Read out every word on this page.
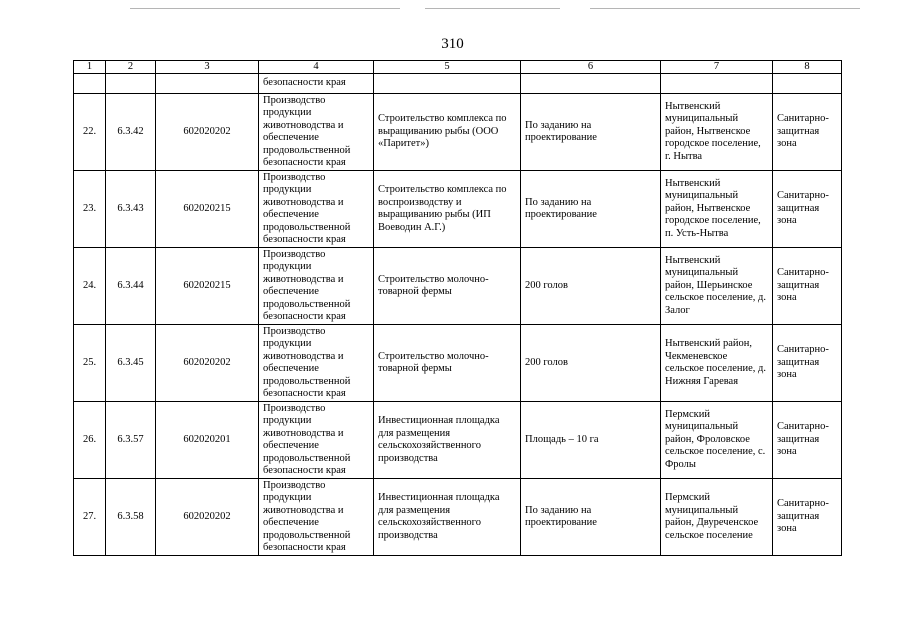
310
1	2	3	4	5	6	7	8
			безопасности края				
22.	6.3.42	602020202	Производство продукции животноводства и обеспечение продовольственной безопасности края	Строительство комплекса по выращиванию рыбы (ООО «Паритет»)	По заданию на проектирование	Нытвенский муниципальный район, Нытвенское городское поселение, г. Нытва	Санитарно-защитная зона
23.	6.3.43	602020215	Производство продукции животноводства и обеспечение продовольственной безопасности края	Строительство комплекса по воспроизводству и выращиванию рыбы (ИП Воеводин А.Г.)	По заданию на проектирование	Нытвенский муниципальный район, Нытвенское городское поселение, п. Усть-Нытва	Санитарно-защитная зона
24.	6.3.44	602020215	Производство продукции животноводства и обеспечение продовольственной безопасности края	Строительство молочно-товарной фермы	200 голов	Нытвенский муниципальный район, Шерьинское сельское поселение, д. Залог	Санитарно-защитная зона
25.	6.3.45	602020202	Производство продукции животноводства и обеспечение продовольственной безопасности края	Строительство молочно-товарной фермы	200 голов	Нытвенский район, Чекменевское сельское поселение, д. Нижняя Гаревая	Санитарно-защитная зона
26.	6.3.57	602020201	Производство продукции животноводства и обеспечение продовольственной безопасности края	Инвестиционная площадка для размещения сельскохозяйственного производства	Площадь – 10 га	Пермский муниципальный район, Фроловское сельское поселение, с. Фролы	Санитарно-защитная зона
27.	6.3.58	602020202	Производство продукции животноводства и обеспечение продовольственной безопасности края	Инвестиционная площадка для размещения сельскохозяйственного производства	По заданию на проектирование	Пермский муниципальный район, Двуреченское сельское поселение	Санитарно-защитная зона
